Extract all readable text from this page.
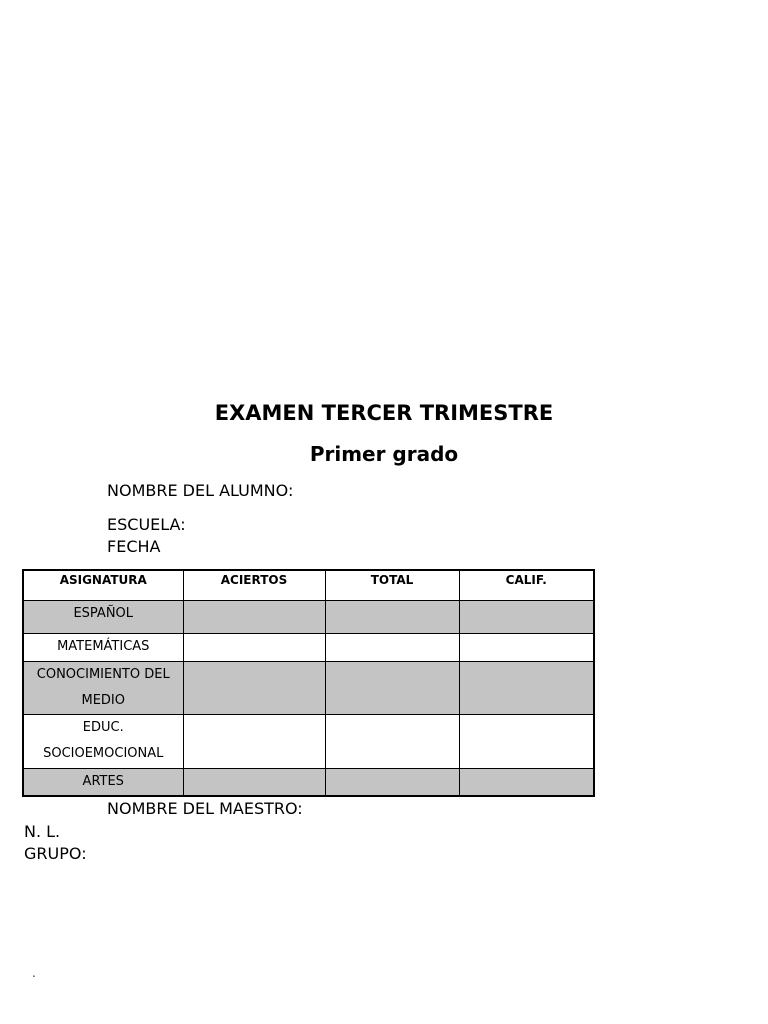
EXAMEN TERCER TRIMESTRE
Primer grado
NOMBRE DEL ALUMNO:
ESCUELA:
FECHA
ASIGNATURA	ACIERTOS	TOTAL	CALIF.
ESPAÑOL			
MATEMÁTICAS			
CONOCIMIENTO DEL MEDIO			
EDUC. SOCIOEMOCIONAL			
ARTES			
NOMBRE DEL MAESTRO:
N. L.
GRUPO:
.
